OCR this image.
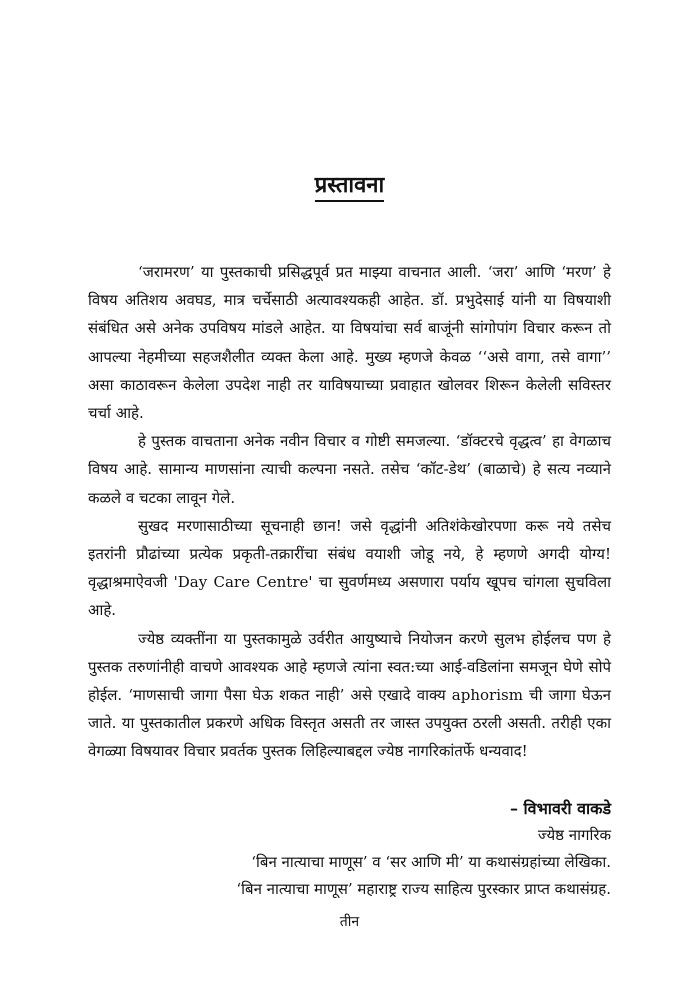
प्रस्तावना

‘जरामरण’ या पुस्तकाची प्रसिद्धपूर्व प्रत माझ्या वाचनात आली. ‘जरा’ आणि ‘मरण’ हे विषय अतिशय अवघड, मात्र चर्चेसाठी अत्यावश्यकही आहेत. डॉ. प्रभुदेसाई यांनी या विषयाशी संबंधित असे अनेक उपविषय मांडले आहेत. या विषयांचा सर्व बाजूंनी सांगोपांग विचार करून तो आपल्या नेहमीच्या सहजशैलीत व्यक्त केला आहे. मुख्य म्हणजे केवळ ‘‘असे वागा, तसे वागा’’ असा काठावरून केलेला उपदेश नाही तर याविषयाच्या प्रवाहात खोलवर शिरून केलेली सविस्तर चर्चा आहे.

हे पुस्तक वाचताना अनेक नवीन विचार व गोष्टी समजल्या. ‘डॉक्टरचे वृद्धत्व’ हा वेगळाच विषय आहे. सामान्य माणसांना त्याची कल्पना नसते. तसेच ‘कॉट-डेथ’ (बाळाचे) हे सत्य नव्याने कळले व चटका लावून गेले.

सुखद मरणासाठीच्या सूचनाही छान! जसे वृद्धांनी अतिशंकेखोरपणा करू नये तसेच इतरांनी प्रौढांच्या प्रत्येक प्रकृती-तक्रारींचा संबंध वयाशी जोडू नये, हे म्हणणे अगदी योग्य! वृद्धाश्रमाऐवजी 'Day Care Centre' चा सुवर्णमध्य असणारा पर्याय खूपच चांगला सुचविला आहे.

ज्येष्ठ व्यक्तींना या पुस्तकामुळे उर्वरीत आयुष्याचे नियोजन करणे सुलभ होईलच पण हे पुस्तक तरुणांनीही वाचणे आवश्यक आहे म्हणजे त्यांना स्वत:च्या आई-वडिलांना समजून घेणे सोपे होईल. ‘माणसाची जागा पैसा घेऊ शकत नाही’ असे एखादे वाक्य aphorism ची जागा घेऊन जाते. या पुस्तकातील प्रकरणे अधिक विस्तृत असती तर जास्त उपयुक्त ठरली असती. तरीही एका वेगळ्या विषयावर विचार प्रवर्तक पुस्तक लिहिल्याबद्दल ज्येष्ठ नागरिकांतर्फे धन्यवाद!

– विभावरी वाकडे
ज्येष्ठ नागरिक
‘बिन नात्याचा माणूस’ व ‘सर आणि मी’ या कथासंग्रहांच्या लेखिका.
‘बिन नात्याचा माणूस’ महाराष्ट्र राज्य साहित्य पुरस्कार प्राप्त कथासंग्रह.
तीन
